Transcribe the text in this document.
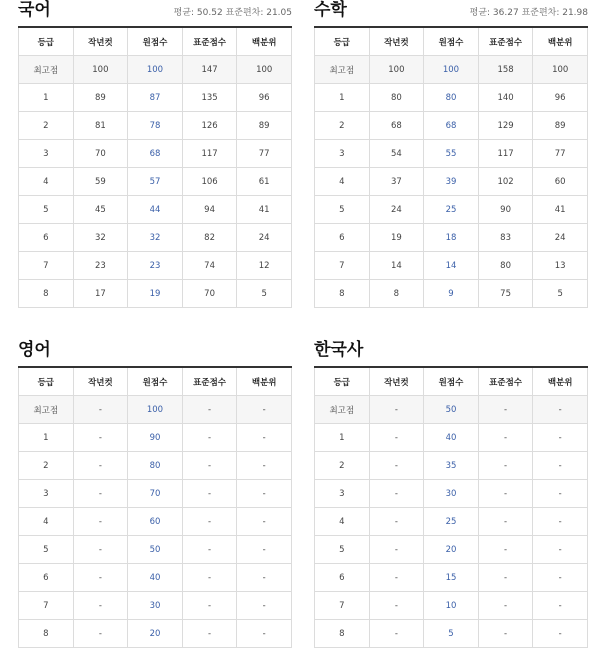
국어	평균: 50.52 표준편차: 21.05
등급	작년컷	원점수	표준점수	백분위
최고점	100	100	147	100
1	89	87	135	96
2	81	78	126	89
3	70	68	117	77
4	59	57	106	61
5	45	44	94	41
6	32	32	82	24
7	23	23	74	12
8	17	19	70	5
수학	평균: 36.27 표준편차: 21.98
등급	작년컷	원점수	표준점수	백분위
최고점	100	100	158	100
1	80	80	140	96
2	68	68	129	89
3	54	55	117	77
4	37	39	102	60
5	24	25	90	41
6	19	18	83	24
7	14	14	80	13
8	8	9	75	5
영어
등급	작년컷	원점수	표준점수	백분위
최고점	-	100	-	-
1	-	90	-	-
2	-	80	-	-
3	-	70	-	-
4	-	60	-	-
5	-	50	-	-
6	-	40	-	-
7	-	30	-	-
8	-	20	-	-
한국사
등급	작년컷	원점수	표준점수	백분위
최고점	-	50	-	-
1	-	40	-	-
2	-	35	-	-
3	-	30	-	-
4	-	25	-	-
5	-	20	-	-
6	-	15	-	-
7	-	10	-	-
8	-	5	-	-
